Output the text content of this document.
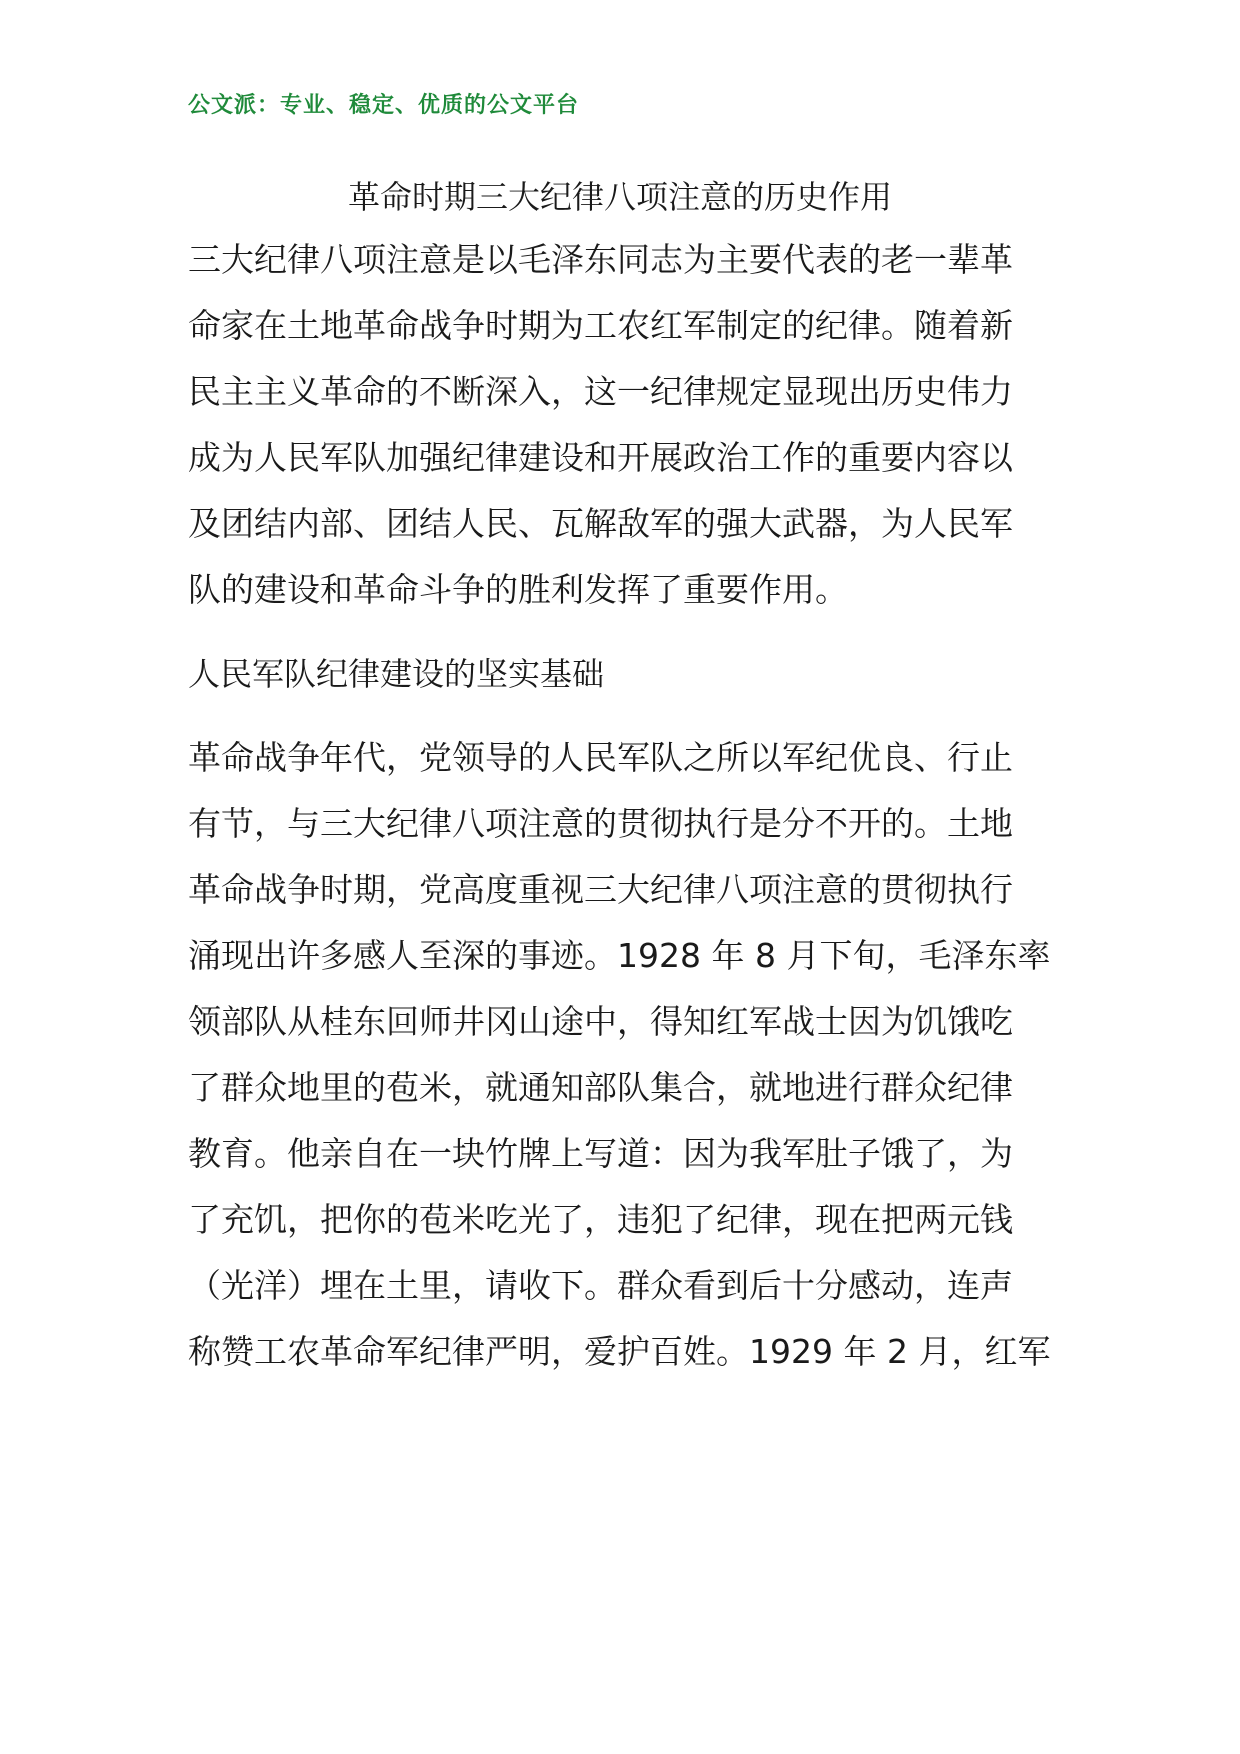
公文派：专业、稳定、优质的公文平台
革命时期三大纪律八项注意的历史作用
三大纪律八项注意是以毛泽东同志为主要代表的老一辈革
命家在土地革命战争时期为工农红军制定的纪律。随着新
民主主义革命的不断深入，这一纪律规定显现出历史伟力
成为人民军队加强纪律建设和开展政治工作的重要内容以
及团结内部、团结人民、瓦解敌军的强大武器，为人民军
队的建设和革命斗争的胜利发挥了重要作用。
人民军队纪律建设的坚实基础
革命战争年代，党领导的人民军队之所以军纪优良、行止
有节，与三大纪律八项注意的贯彻执行是分不开的。土地
革命战争时期，党高度重视三大纪律八项注意的贯彻执行
涌现出许多感人至深的事迹。1928 年 8 月下旬，毛泽东率
领部队从桂东回师井冈山途中，得知红军战士因为饥饿吃
了群众地里的苞米，就通知部队集合，就地进行群众纪律
教育。他亲自在一块竹牌上写道：因为我军肚子饿了，为
了充饥，把你的苞米吃光了，违犯了纪律，现在把两元钱
（光洋）埋在土里，请收下。群众看到后十分感动，连声
称赞工农革命军纪律严明，爱护百姓。1929 年 2 月，红军
